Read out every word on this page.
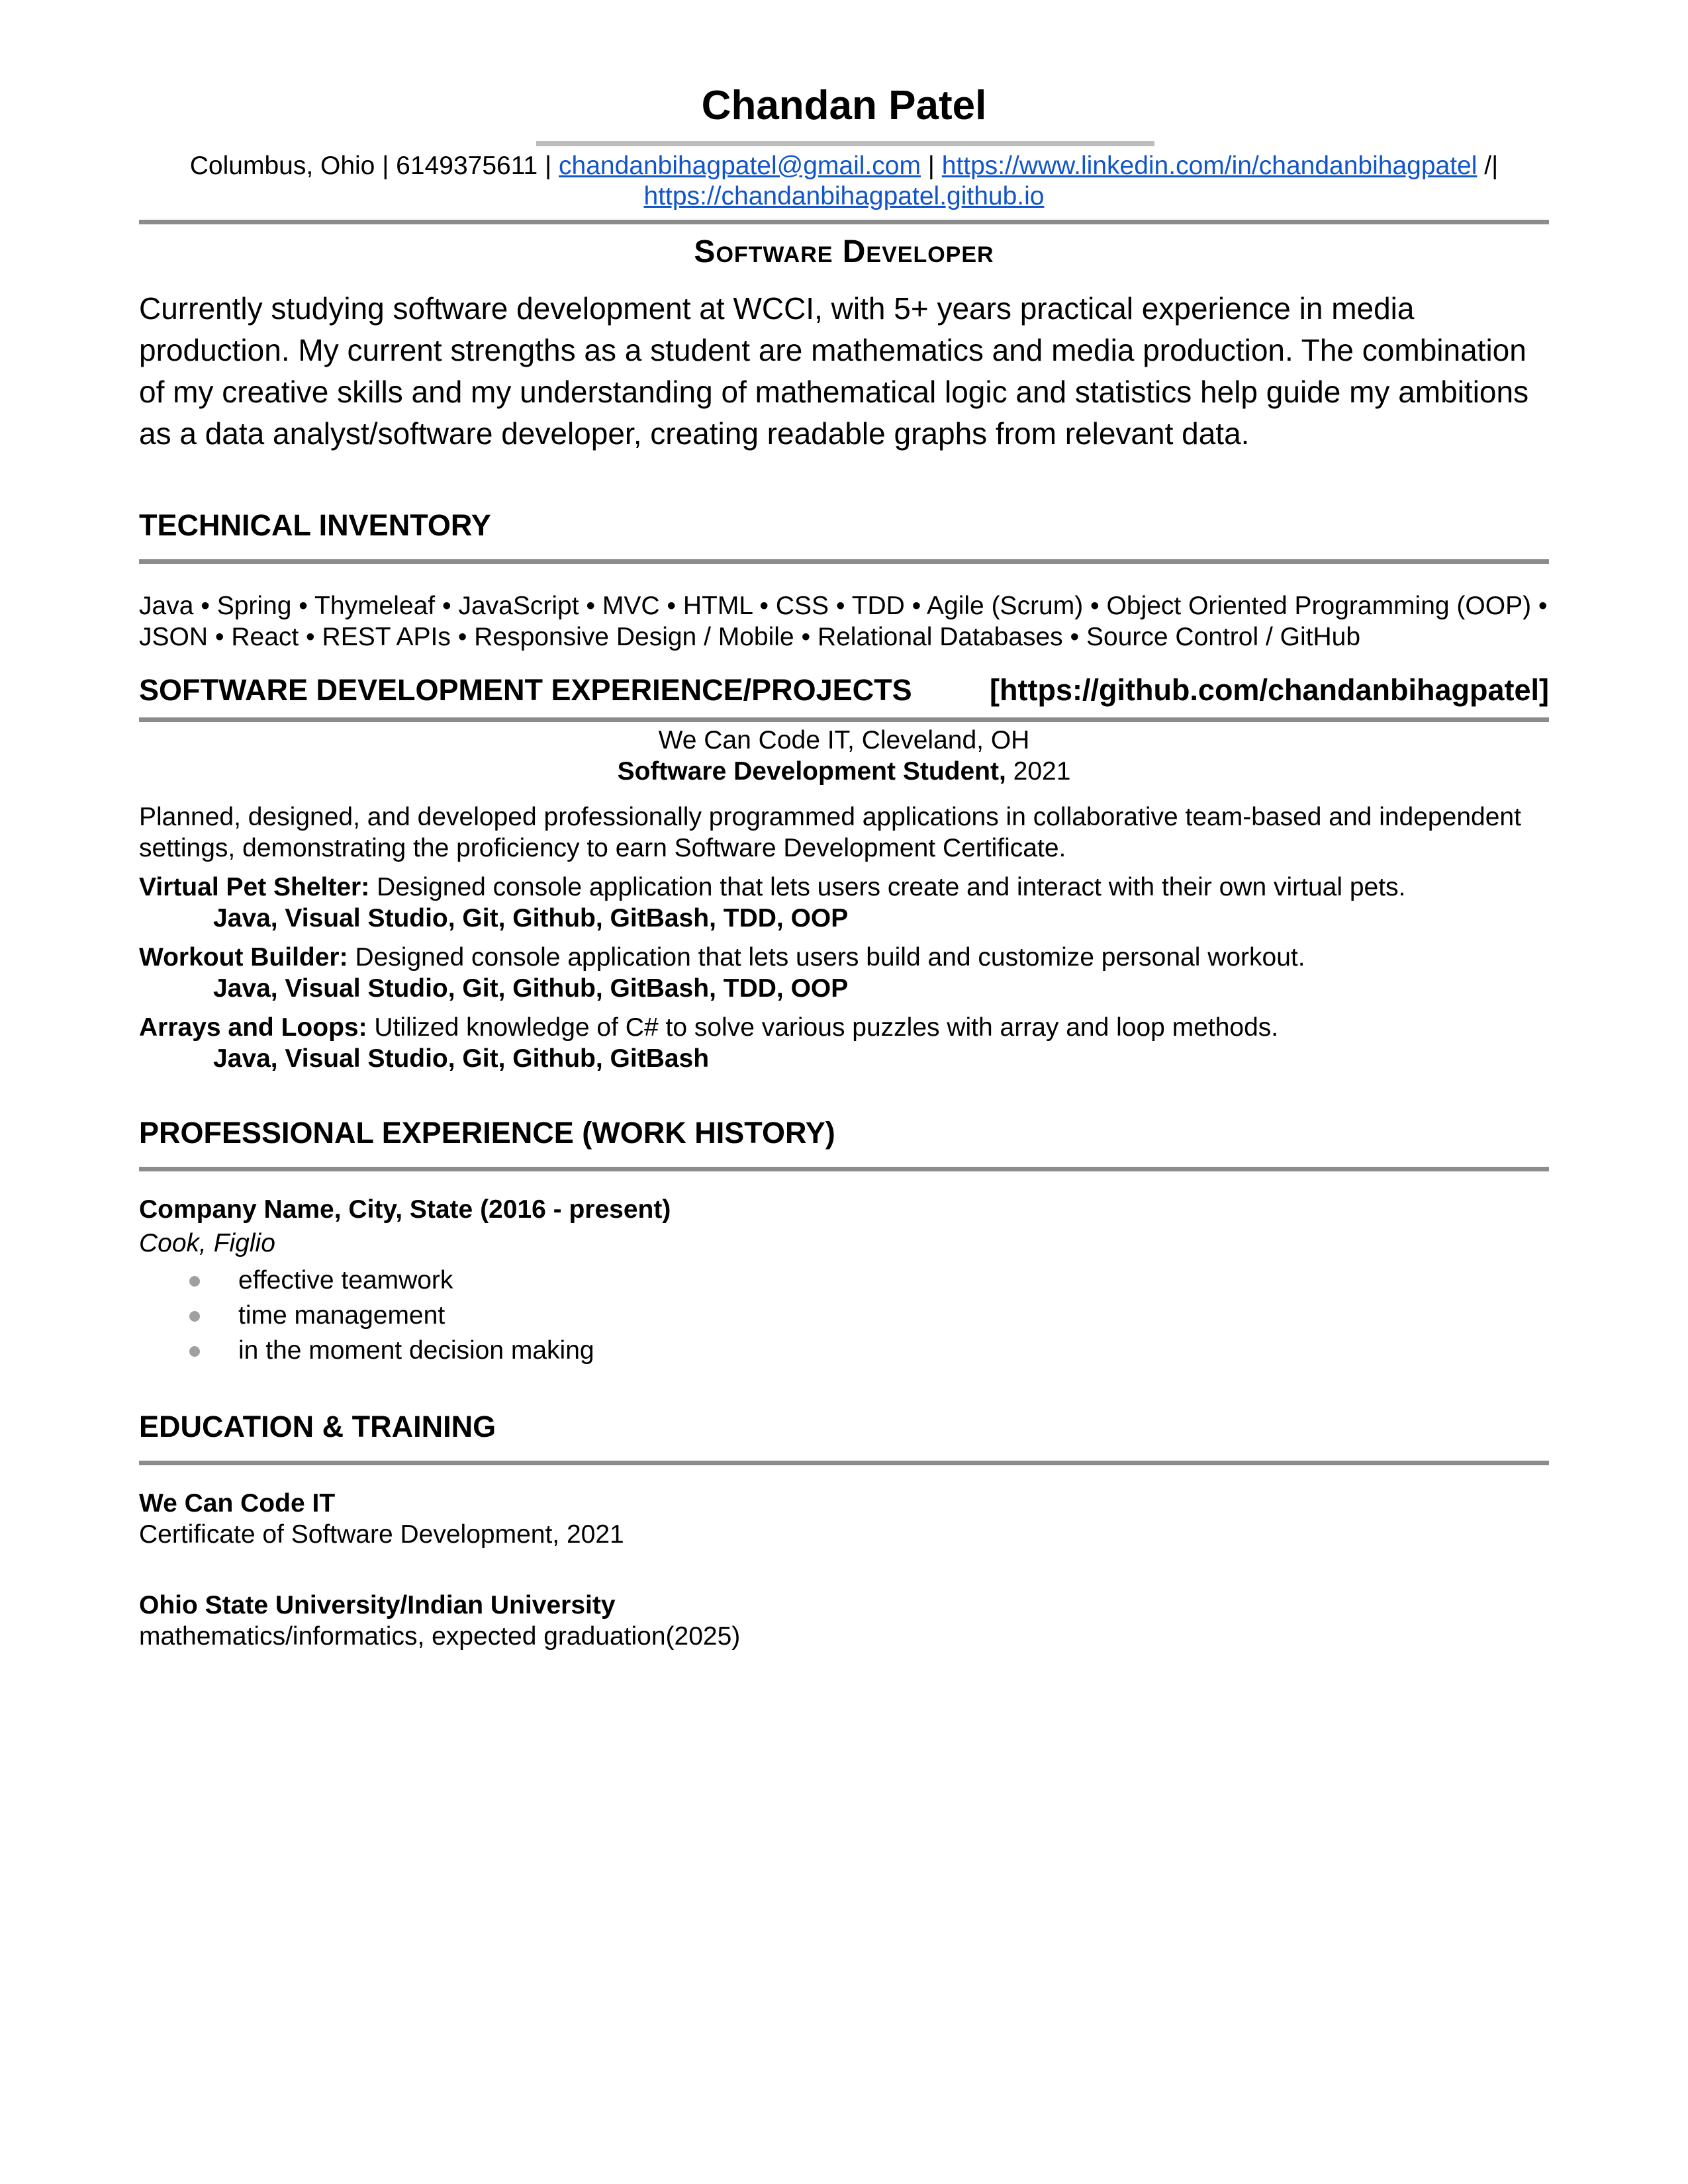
Chandan Patel
Columbus, Ohio | 6149375611 | chandanbihagpatel@gmail.com | https://www.linkedin.com/in/chandanbihagpatel /|
https://chandanbihagpatel.github.io
Software Developer

Currently studying software development at WCCI, with 5+ years practical experience in media production. My current strengths as a student are mathematics and media production. The combination of my creative skills and my understanding of mathematical logic and statistics help guide my ambitions as a data analyst/software developer, creating readable graphs from relevant data.

TECHNICAL INVENTORY
Java • Spring • Thymeleaf • JavaScript • MVC • HTML • CSS • TDD • Agile (Scrum) • Object Oriented Programming (OOP) • JSON • React • REST APIs • Responsive Design / Mobile • Relational Databases • Source Control / GitHub
SOFTWARE DEVELOPMENT EXPERIENCE/PROJECTS	[https://github.com/chandanbihagpatel]
We Can Code IT, Cleveland, OH
Software Development Student, 2021
Planned, designed, and developed professionally programmed applications in collaborative team-based and independent settings, demonstrating the proficiency to earn Software Development Certificate.
Virtual Pet Shelter: Designed console application that lets users create and interact with their own virtual pets.
Java, Visual Studio, Git, Github, GitBash, TDD, OOP
Workout Builder: Designed console application that lets users build and customize personal workout.
Java, Visual Studio, Git, Github, GitBash, TDD, OOP
Arrays and Loops: Utilized knowledge of C# to solve various puzzles with array and loop methods.
Java, Visual Studio, Git, Github, GitBash
PROFESSIONAL EXPERIENCE (WORK HISTORY)
Company Name, City, State (2016 - present)
Cook, Figlio
effective teamwork
time management
in the moment decision making
EDUCATION & TRAINING
We Can Code IT
Certificate of Software Development, 2021
Ohio State University/Indian University
mathematics/informatics, expected graduation(2025)
